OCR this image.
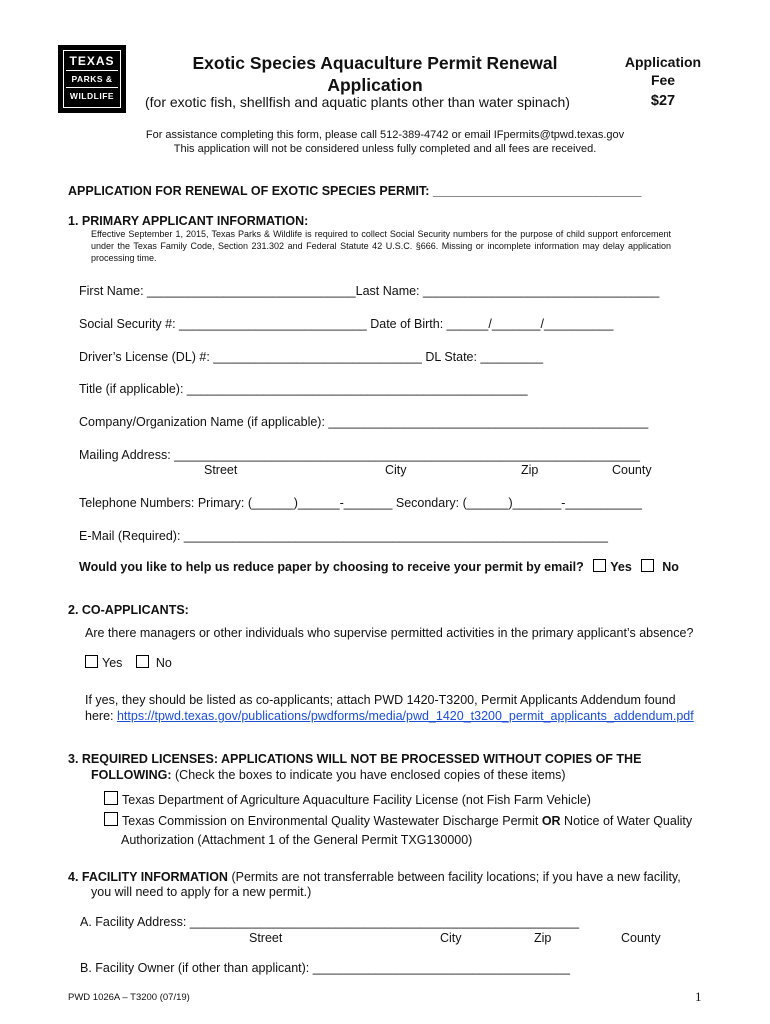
TEXAS
PARKS &
WILDLIFE
Exotic Species Aquaculture Permit Renewal Application
(for exotic fish, shellfish and aquatic plants other than water spinach)
Application
Fee
$27
For assistance completing this form, please call 512-389-4742 or email IFpermits@tpwd.texas.gov
This application will not be considered unless fully completed and all fees are received.
APPLICATION FOR RENEWAL OF EXOTIC SPECIES PERMIT: ______________________________
1. PRIMARY APPLICANT INFORMATION:
Effective September 1, 2015, Texas Parks & Wildlife is required to collect Social Security numbers for the purpose of child support enforcement under the Texas Family Code, Section 231.302 and Federal Statute 42 U.S.C. §666. Missing or incomplete information may delay application processing time.
First Name: ______________________________Last Name: __________________________________
Social Security #: ___________________________ Date of Birth: ______/_______/__________
Driver’s License (DL) #: ______________________________ DL State: _________
Title (if applicable): _________________________________________________
Company/Organization Name (if applicable): ______________________________________________
Mailing Address: ___________________________________________________________________
Street	City	Zip	County
Telephone Numbers: Primary: (______)______-_______ Secondary: (______)_______-___________
E-Mail (Required): _____________________________________________________________
Would you like to help us reduce paper by choosing to receive your permit by email? Yes No
2. CO-APPLICANTS:
Are there managers or other individuals who supervise permitted activities in the primary applicant’s absence?
Yes	No
If yes, they should be listed as co-applicants; attach PWD 1420-T3200, Permit Applicants Addendum found
here: https://tpwd.texas.gov/publications/pwdforms/media/pwd_1420_t3200_permit_applicants_addendum.pdf
3. REQUIRED LICENSES: APPLICATIONS WILL NOT BE PROCESSED WITHOUT COPIES OF THE
FOLLOWING: (Check the boxes to indicate you have enclosed copies of these items)
Texas Department of Agriculture Aquaculture Facility License (not Fish Farm Vehicle)
Texas Commission on Environmental Quality Wastewater Discharge Permit OR Notice of Water Quality
Authorization (Attachment 1 of the General Permit TXG130000)
4. FACILITY INFORMATION (Permits are not transferrable between facility locations; if you have a new facility,
you will need to apply for a new permit.)
A. Facility Address: ________________________________________________________
Street	City	Zip	County
B. Facility Owner (if other than applicant): _____________________________________
PWD 1026A – T3200 (07/19)	1
